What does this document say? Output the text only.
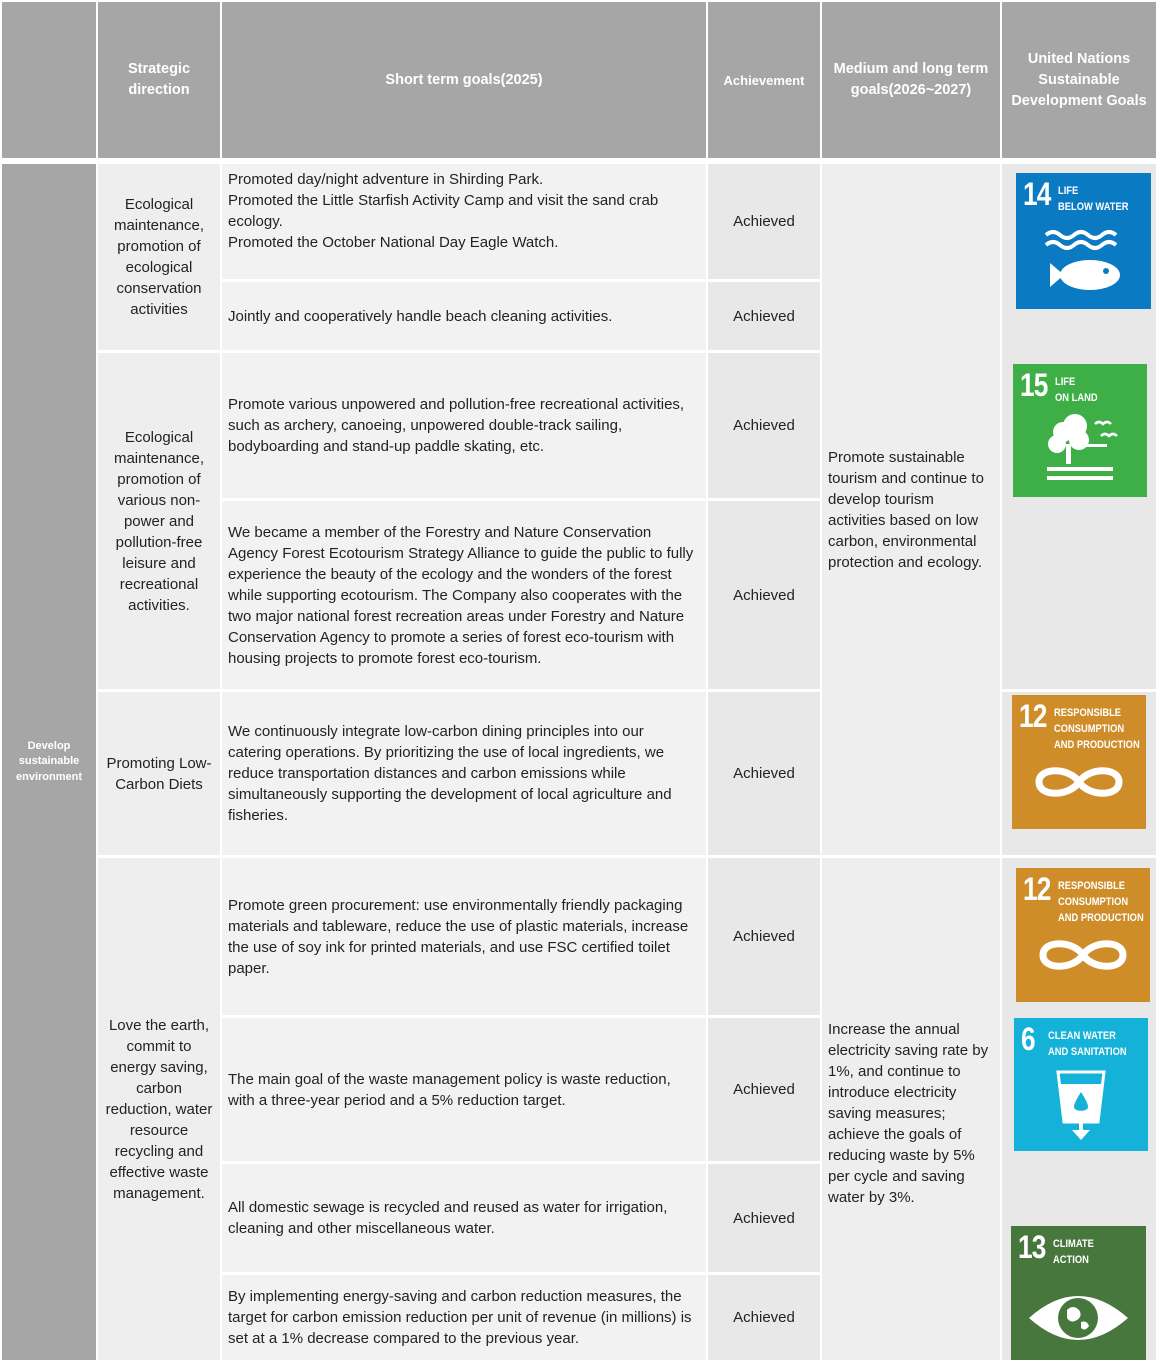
Strategic direction
Short term goals(2025)	Achievement
Medium and long term goals(2026~2027)
United Nations Sustainable Development Goals
Develop sustainable environment
Ecological maintenance, promotion of ecological conservation activities
Ecological maintenance, promotion of various non-power and pollution-free leisure and recreational activities.
Promoting Low-Carbon Diets
Love the earth, commit to energy saving, carbon reduction, water resource recycling and effective waste management.
Promoted day/night adventure in Shirding Park.
Promoted the Little Starfish Activity Camp and visit the sand crab ecology.
Promoted the October National Day Eagle Watch.
Jointly and cooperatively handle beach cleaning activities.
Promote various unpowered and pollution-free recreational activities, such as archery, canoeing, unpowered double-track sailing, bodyboarding and stand-up paddle skating, etc.
We became a member of the Forestry and Nature Conservation Agency Forest Ecotourism Strategy Alliance to guide the public to fully experience the beauty of the ecology and the wonders of the forest while supporting ecotourism. The Company also cooperates with the two major national forest recreation areas under Forestry and Nature Conservation Agency to promote a series of forest eco-tourism with housing projects to promote forest eco-tourism.
We continuously integrate low-carbon dining principles into our catering operations. By prioritizing the use of local ingredients, we reduce transportation distances and carbon emissions while simultaneously supporting the development of local agriculture and fisheries.
Promote green procurement: use environmentally friendly packaging materials and tableware, reduce the use of plastic materials, increase the use of soy ink for printed materials, and use FSC certified toilet paper.
The main goal of the waste management policy is waste reduction, with a three-year period and a 5% reduction target.
All domestic sewage is recycled and reused as water for irrigation, cleaning and other miscellaneous water.
By implementing energy-saving and carbon reduction measures, the target for carbon emission reduction per unit of revenue (in millions) is set at a 1% decrease compared to the previous year.
Achieved
Achieved
Achieved
Achieved
Achieved
Achieved
Achieved
Achieved
Achieved
Promote sustainable tourism and continue to develop tourism activities based on low carbon, environmental protection and ecology.
Increase the annual electricity saving rate by 1%, and continue to introduce electricity saving measures; achieve the goals of reducing waste by 5% per cycle and saving water by 3%.
14 LIFE
BELOW WATER
15 LIFE
ON LAND
12 RESPONSIBLE
CONSUMPTION
AND PRODUCTION
12 RESPONSIBLE
CONSUMPTION
AND PRODUCTION
6 CLEAN WATER
AND SANITATION
13 CLIMATE
ACTION
